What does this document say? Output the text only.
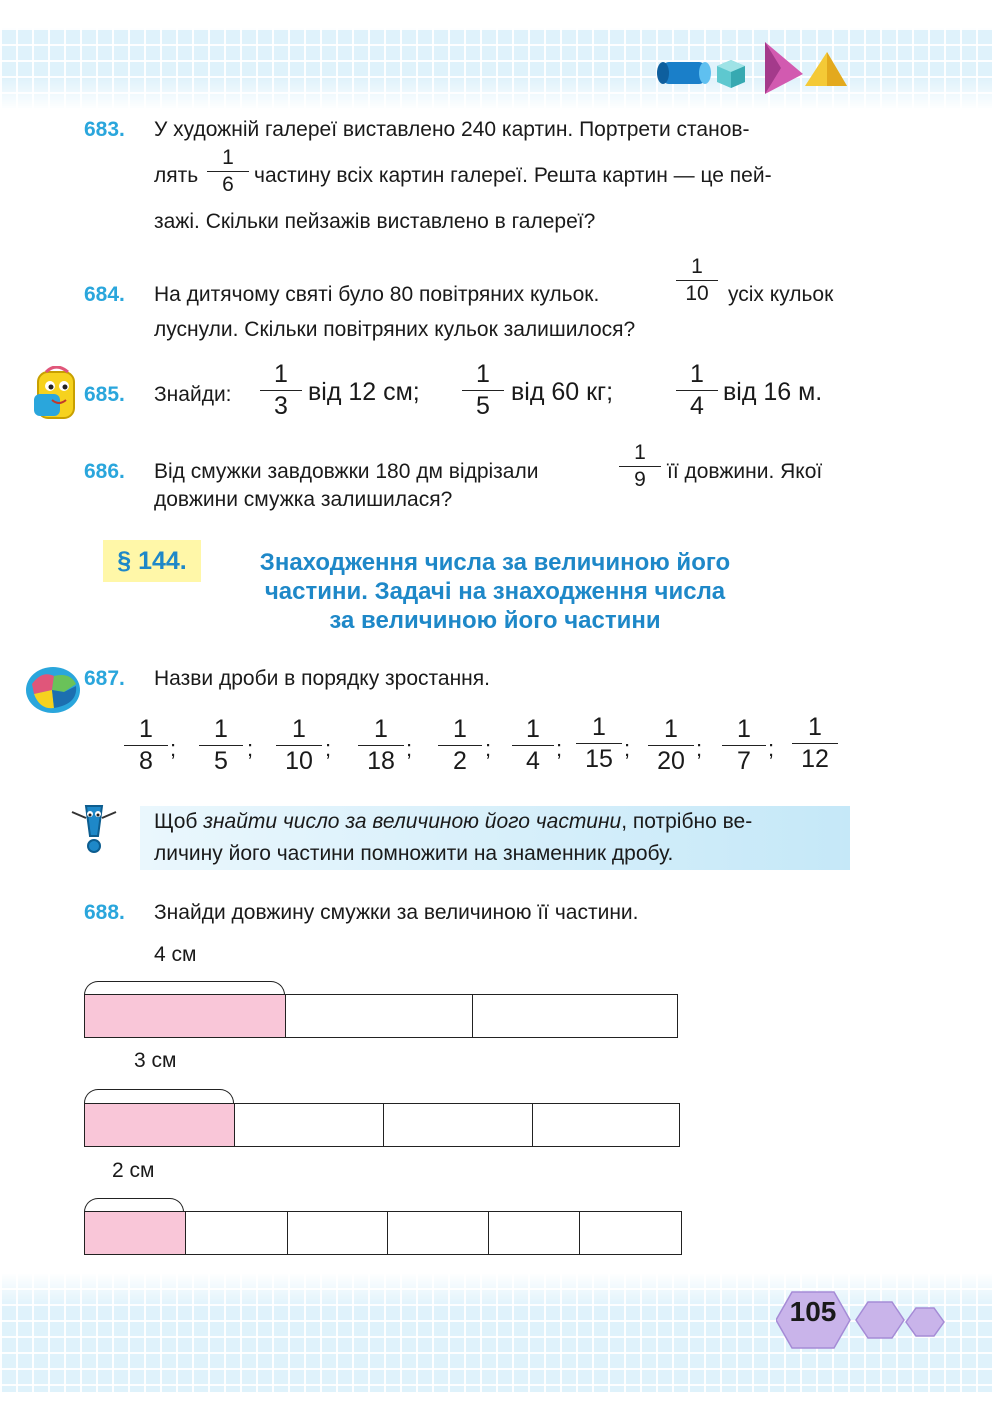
683. У художній галереї виставлено 240 картин. Портрети станов-
лять
1
6 частину всіх картин галереї. Решта картин — це пей-
зажі. Скільки пейзажів виставлено в галереї?
684. На дитячому святі було 80 повітряних кульок.
1
10 усіх кульок
луснули. Скільки повітряних кульок залишилося?
685. Знайди:
1
3 від 12 см;
1
5 від 60 кг;
1
4 від 16 м.
686. Від смужки завдовжки 180 дм відрізали
1
9	її довжини. Якої
довжини смужка залишилася?
§ 144.	Знаходження числа за величиною його
частини. Задачі на знаходження числа
за величиною його частини
687. Назви дроби в порядку зростання.
1
8 ;
1
5 ;
1
10 ;
1
18 ;
1
2 ;
1
4 ;
1
15 ;
1
20 ;
1
7 ;
1
12
Щоб знайти число за величиною його частини, потрібно ве-
личину його частини помножити на знаменник дробу.
688. Знайди довжину смужки за величиною її частини.
4 см
3 см
2 см
105
